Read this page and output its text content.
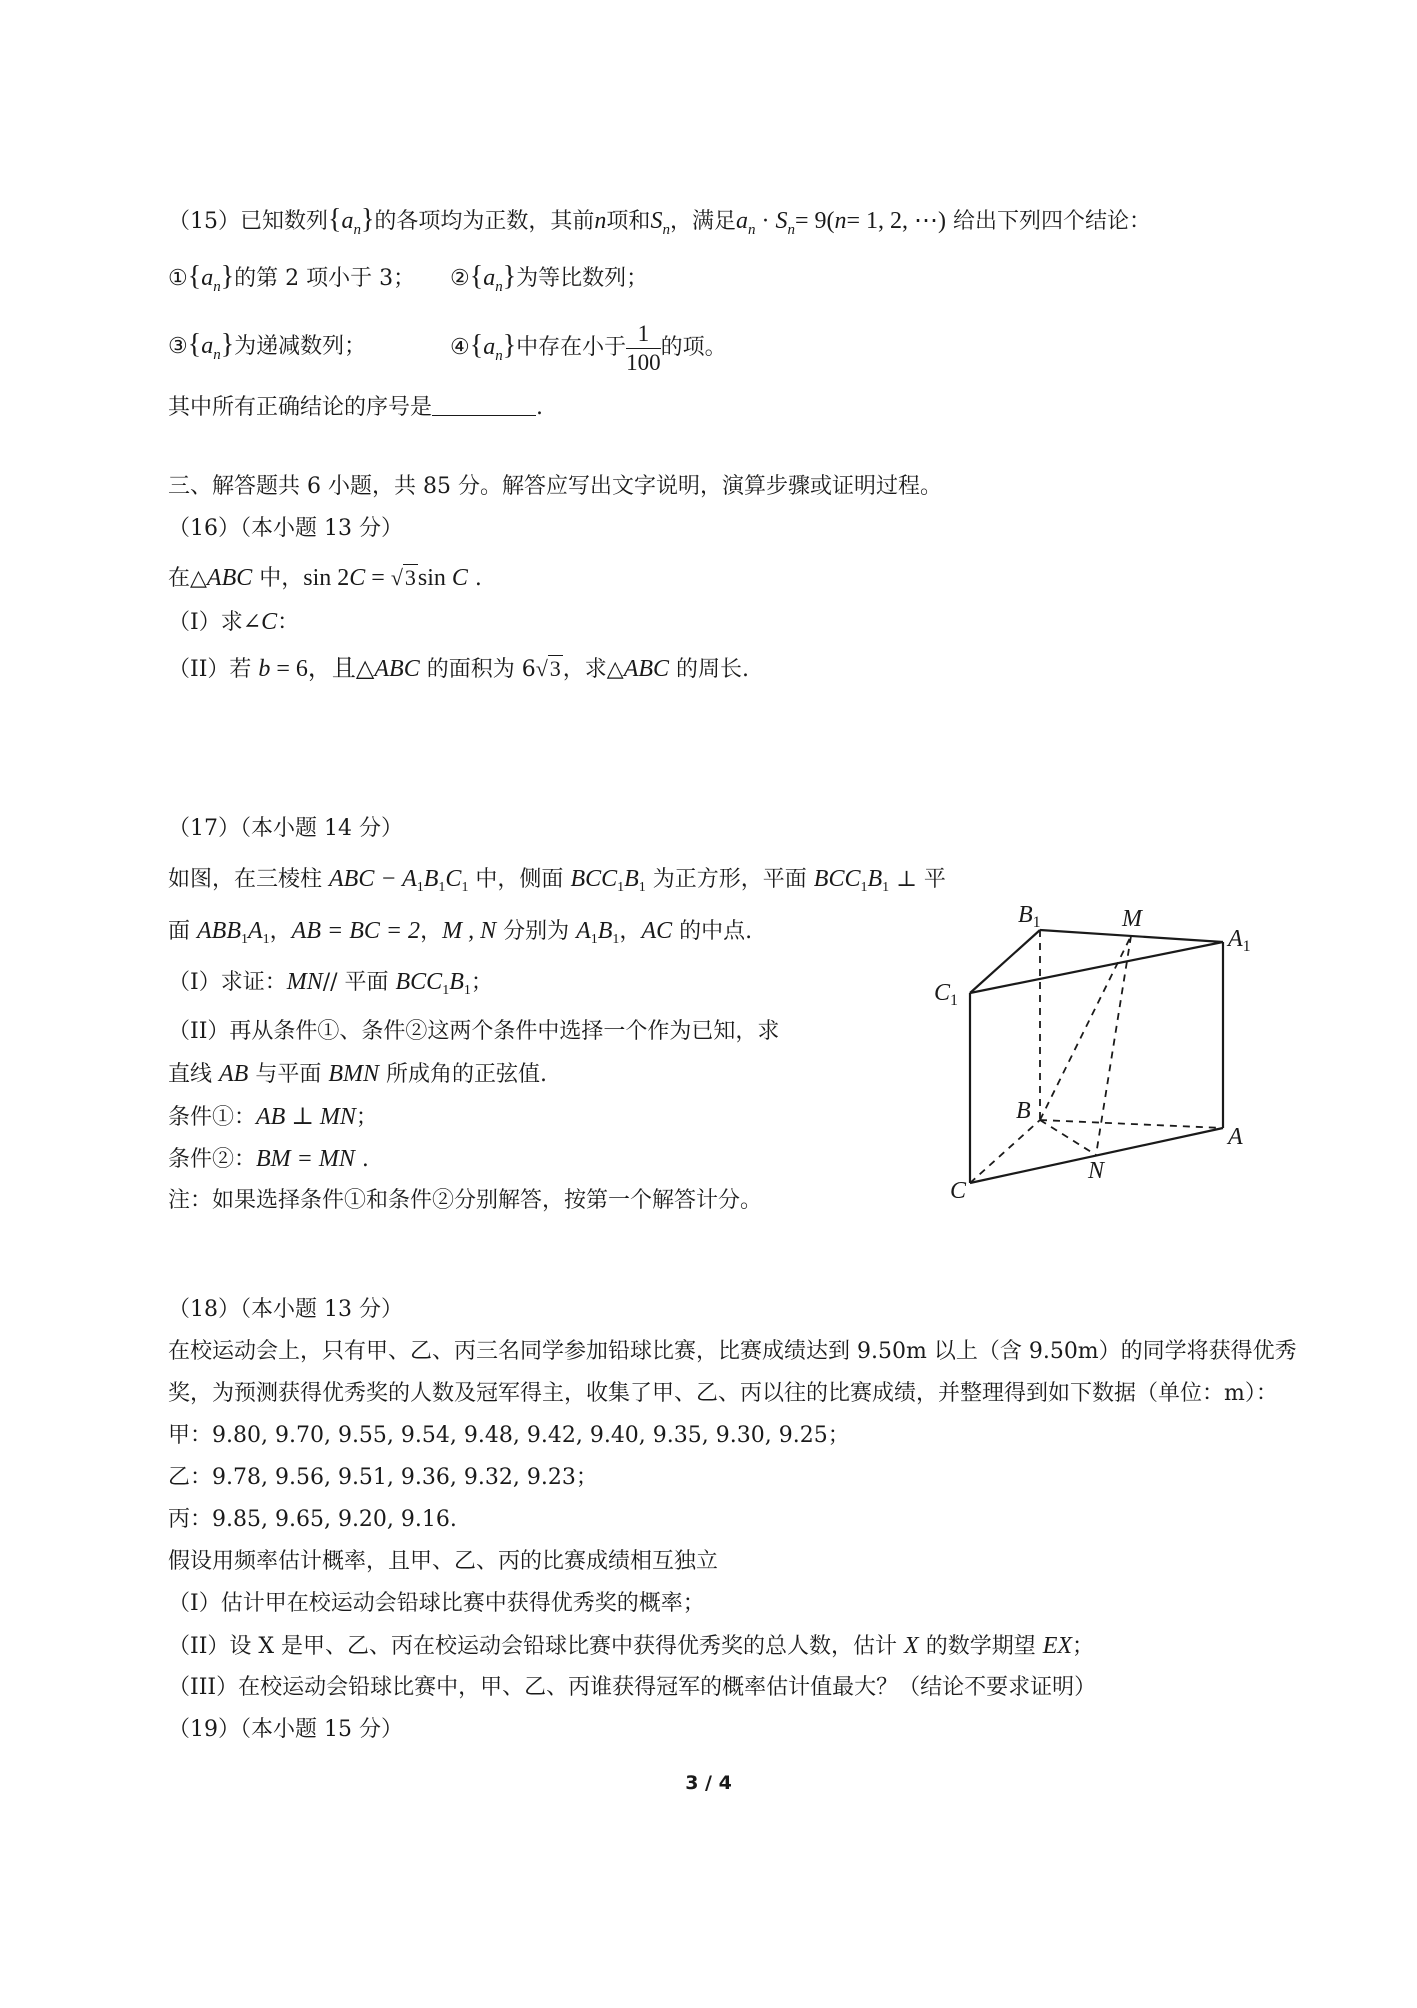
（15）已知数列$\{a_n\}$的各项均为正数，其前n项和$S_n$，满足$a_n \cdot S_n= 9(n= 1$, 2, ⋯) 给出下列四个结论：
$①\{a_n\}$的第 2 项小于 3； $②\{a_n\}$为等比数列；
$③\{a_n\}$为递减数列；	$④\{a_n\}$中存在小于 $\frac{1}{100}$ 的项。
其中所有正确结论的序号是	.
三、解答题共 6 小题，共 85 分。解答应写出文字说明，演算步骤或证明过程。
（16）（本小题 13 分）
在△ABC 中，sin 2C = √3sin C .
（I）求∠C：
（II）若 b = 6，且△ABC 的面积为 6√3，求△ABC 的周长.
（17）（本小题 14 分）
如图，在三棱柱 ABC − $A_1B_1C_1$ 中，侧面 $BCC_1B_1$ 为正方形，平面 $BCC_1B_1$ ⊥ 平
面 $ABB_1A_1$，AB = BC = 2，M , N 分别为 $A_1B_1$，AC 的中点.
（I）求证：MN// 平面 $BCC_1B_1$；
（II）再从条件①、条件②这两个条件中选择一个作为已知，求
直线 AB 与平面 BMN 所成角的正弦值.
条件①：AB ⊥ MN；
条件②：BM = MN .
注：如果选择条件①和条件②分别解答，按第一个解答计分。
$B_1$	M
$A_1$
$C_1$
B
A
N
C
（18）（本小题 13 分）
在校运动会上，只有甲、乙、丙三名同学参加铅球比赛，比赛成绩达到 9.50m 以上（含 9.50m）的同学将获得优秀
奖，为预测获得优秀奖的人数及冠军得主，收集了甲、乙、丙以往的比赛成绩，并整理得到如下数据（单位：m）：
甲：9.80, 9.70, 9.55, 9.54, 9.48, 9.42, 9.40, 9.35, 9.30, 9.25；
乙：9.78, 9.56, 9.51, 9.36, 9.32, 9.23；
丙：9.85, 9.65, 9.20, 9.16.
假设用频率估计概率，且甲、乙、丙的比赛成绩相互独立
（I）估计甲在校运动会铅球比赛中获得优秀奖的概率；
（II）设 X 是甲、乙、丙在校运动会铅球比赛中获得优秀奖的总人数，估计 X 的数学期望 EX；
（III）在校运动会铅球比赛中，甲、乙、丙谁获得冠军的概率估计值最大？（结论不要求证明）
（19）（本小题 15 分）
3 / 4
